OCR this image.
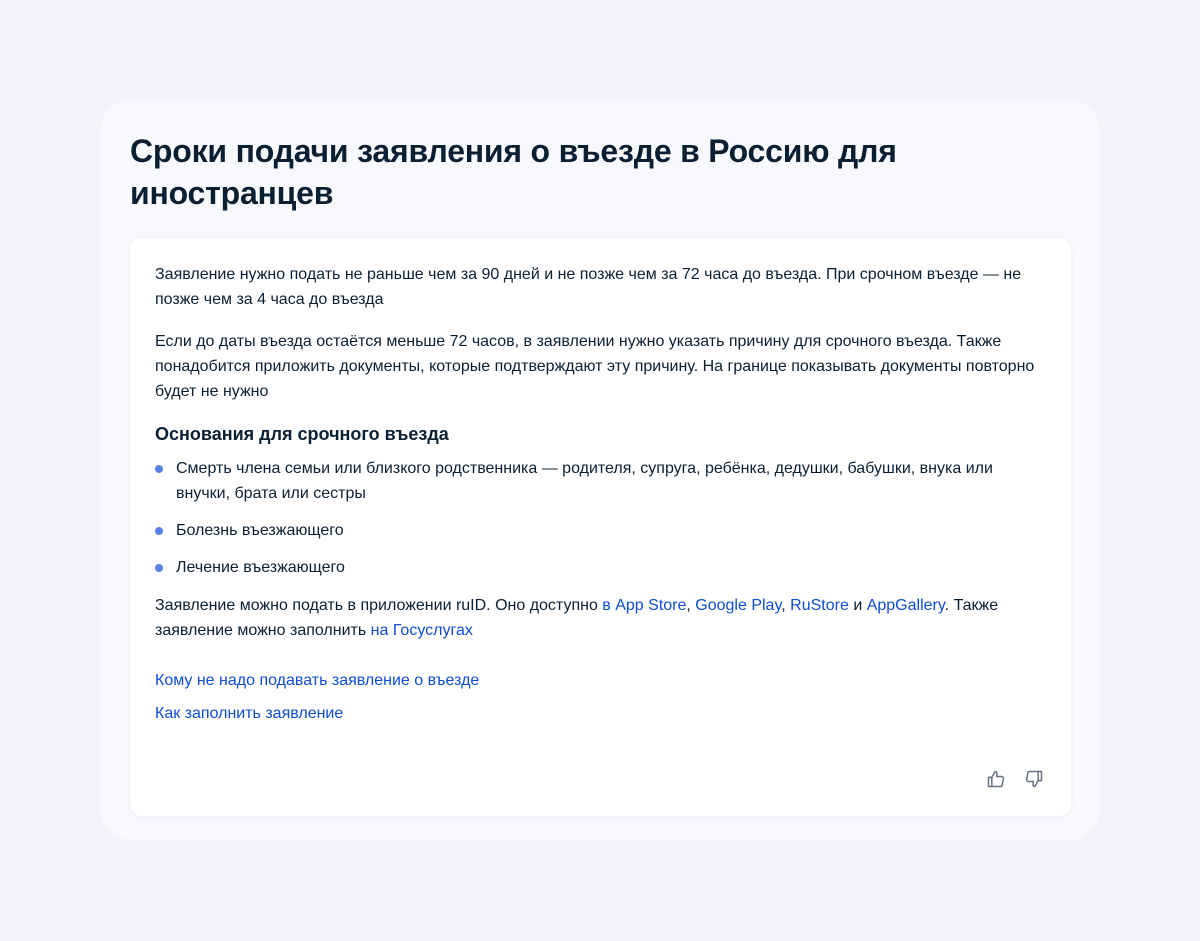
Сроки подачи заявления о въезде в Россию для иностранцев

Заявление нужно подать не раньше чем за 90 дней и не позже чем за 72 часа до въезда. При срочном въезде — не позже чем за 4 часа до въезда

Если до даты въезда остаётся меньше 72 часов, в заявлении нужно указать причину для срочного въезда. Также понадобится приложить документы, которые подтверждают эту причину. На границе показывать документы повторно будет не нужно

Основания для срочного въезда
Смерть члена семьи или близкого родственника — родителя, супруга, ребёнка, дедушки, бабушки, внука или внучки, брата или сестры
Болезнь въезжающего
Лечение въезжающего

Заявление можно подать в приложении ruID. Оно доступно в App Store, Google Play, RuStore и AppGallery. Также заявление можно заполнить на Госуслугах

Кому не надо подавать заявление о въезде
Как заполнить заявление
